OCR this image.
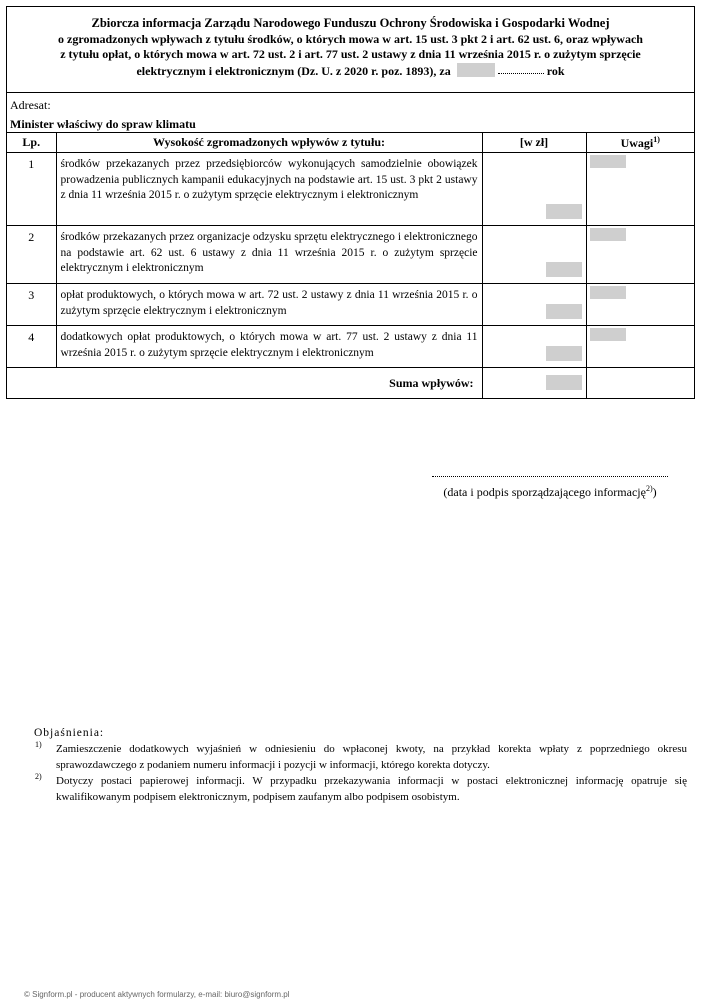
Zbiorcza informacja Zarządu Narodowego Funduszu Ochrony Środowiska i Gospodarki Wodnej
o zgromadzonych wpływach z tytułu środków, o których mowa w art. 15 ust. 3 pkt 2 i art. 62 ust. 6, oraz wpływach
z tytułu opłat, o których mowa w art. 72 ust. 2 i art. 77 ust. 2 ustawy z dnia 11 września 2015 r. o zużytym sprzęcie
elektrycznym i elektronicznym (Dz. U. z 2020 r. poz. 1893), za	rok
Adresat:
Minister właściwy do spraw klimatu
Lp.	Wysokość zgromadzonych wpływów z tytułu:	[w zł]	Uwagi$^{1)}$
1	środków przekazanych przez przedsiębiorców wykonujących samodzielnie obowiązek prowadzenia publicznych kampanii edukacyjnych na podstawie art. 15 ust. 3 pkt 2 ustawy z dnia 11 września 2015 r. o zużytym sprzęcie elektrycznym i elektronicznym	

2	środków przekazanych przez organizacje odzysku sprzętu elektrycznego i elektronicznego na podstawie art. 62 ust. 6 ustawy z dnia 11 września 2015 r. o zużytym sprzęcie elektrycznym i elektronicznym	

3	opłat produktowych, o których mowa w art. 72 ust. 2 ustawy z dnia 11 września 2015 r. o zużytym sprzęcie elektrycznym i elektronicznym	

4	dodatkowych opłat produktowych, o których mowa w art. 77 ust. 2 ustawy z dnia 11 września 2015 r. o zużytym sprzęcie elektrycznym i elektronicznym	

Suma wpływów:		

(data i podpis sporządzającego informację$^{2)}$)
Objaśnienia:
1) Zamieszczenie dodatkowych wyjaśnień w odniesieniu do wpłaconej kwoty, na przykład korekta wpłaty z poprzedniego okresu sprawozdawczego z podaniem numeru informacji i pozycji w informacji, którego korekta dotyczy.
2) Dotyczy postaci papierowej informacji. W przypadku przekazywania informacji w postaci elektronicznej informację opatruje się kwalifikowanym podpisem elektronicznym, podpisem zaufanym albo podpisem osobistym.
© Signform.pl - producent aktywnych formularzy, e-mail: biuro@signform.pl
